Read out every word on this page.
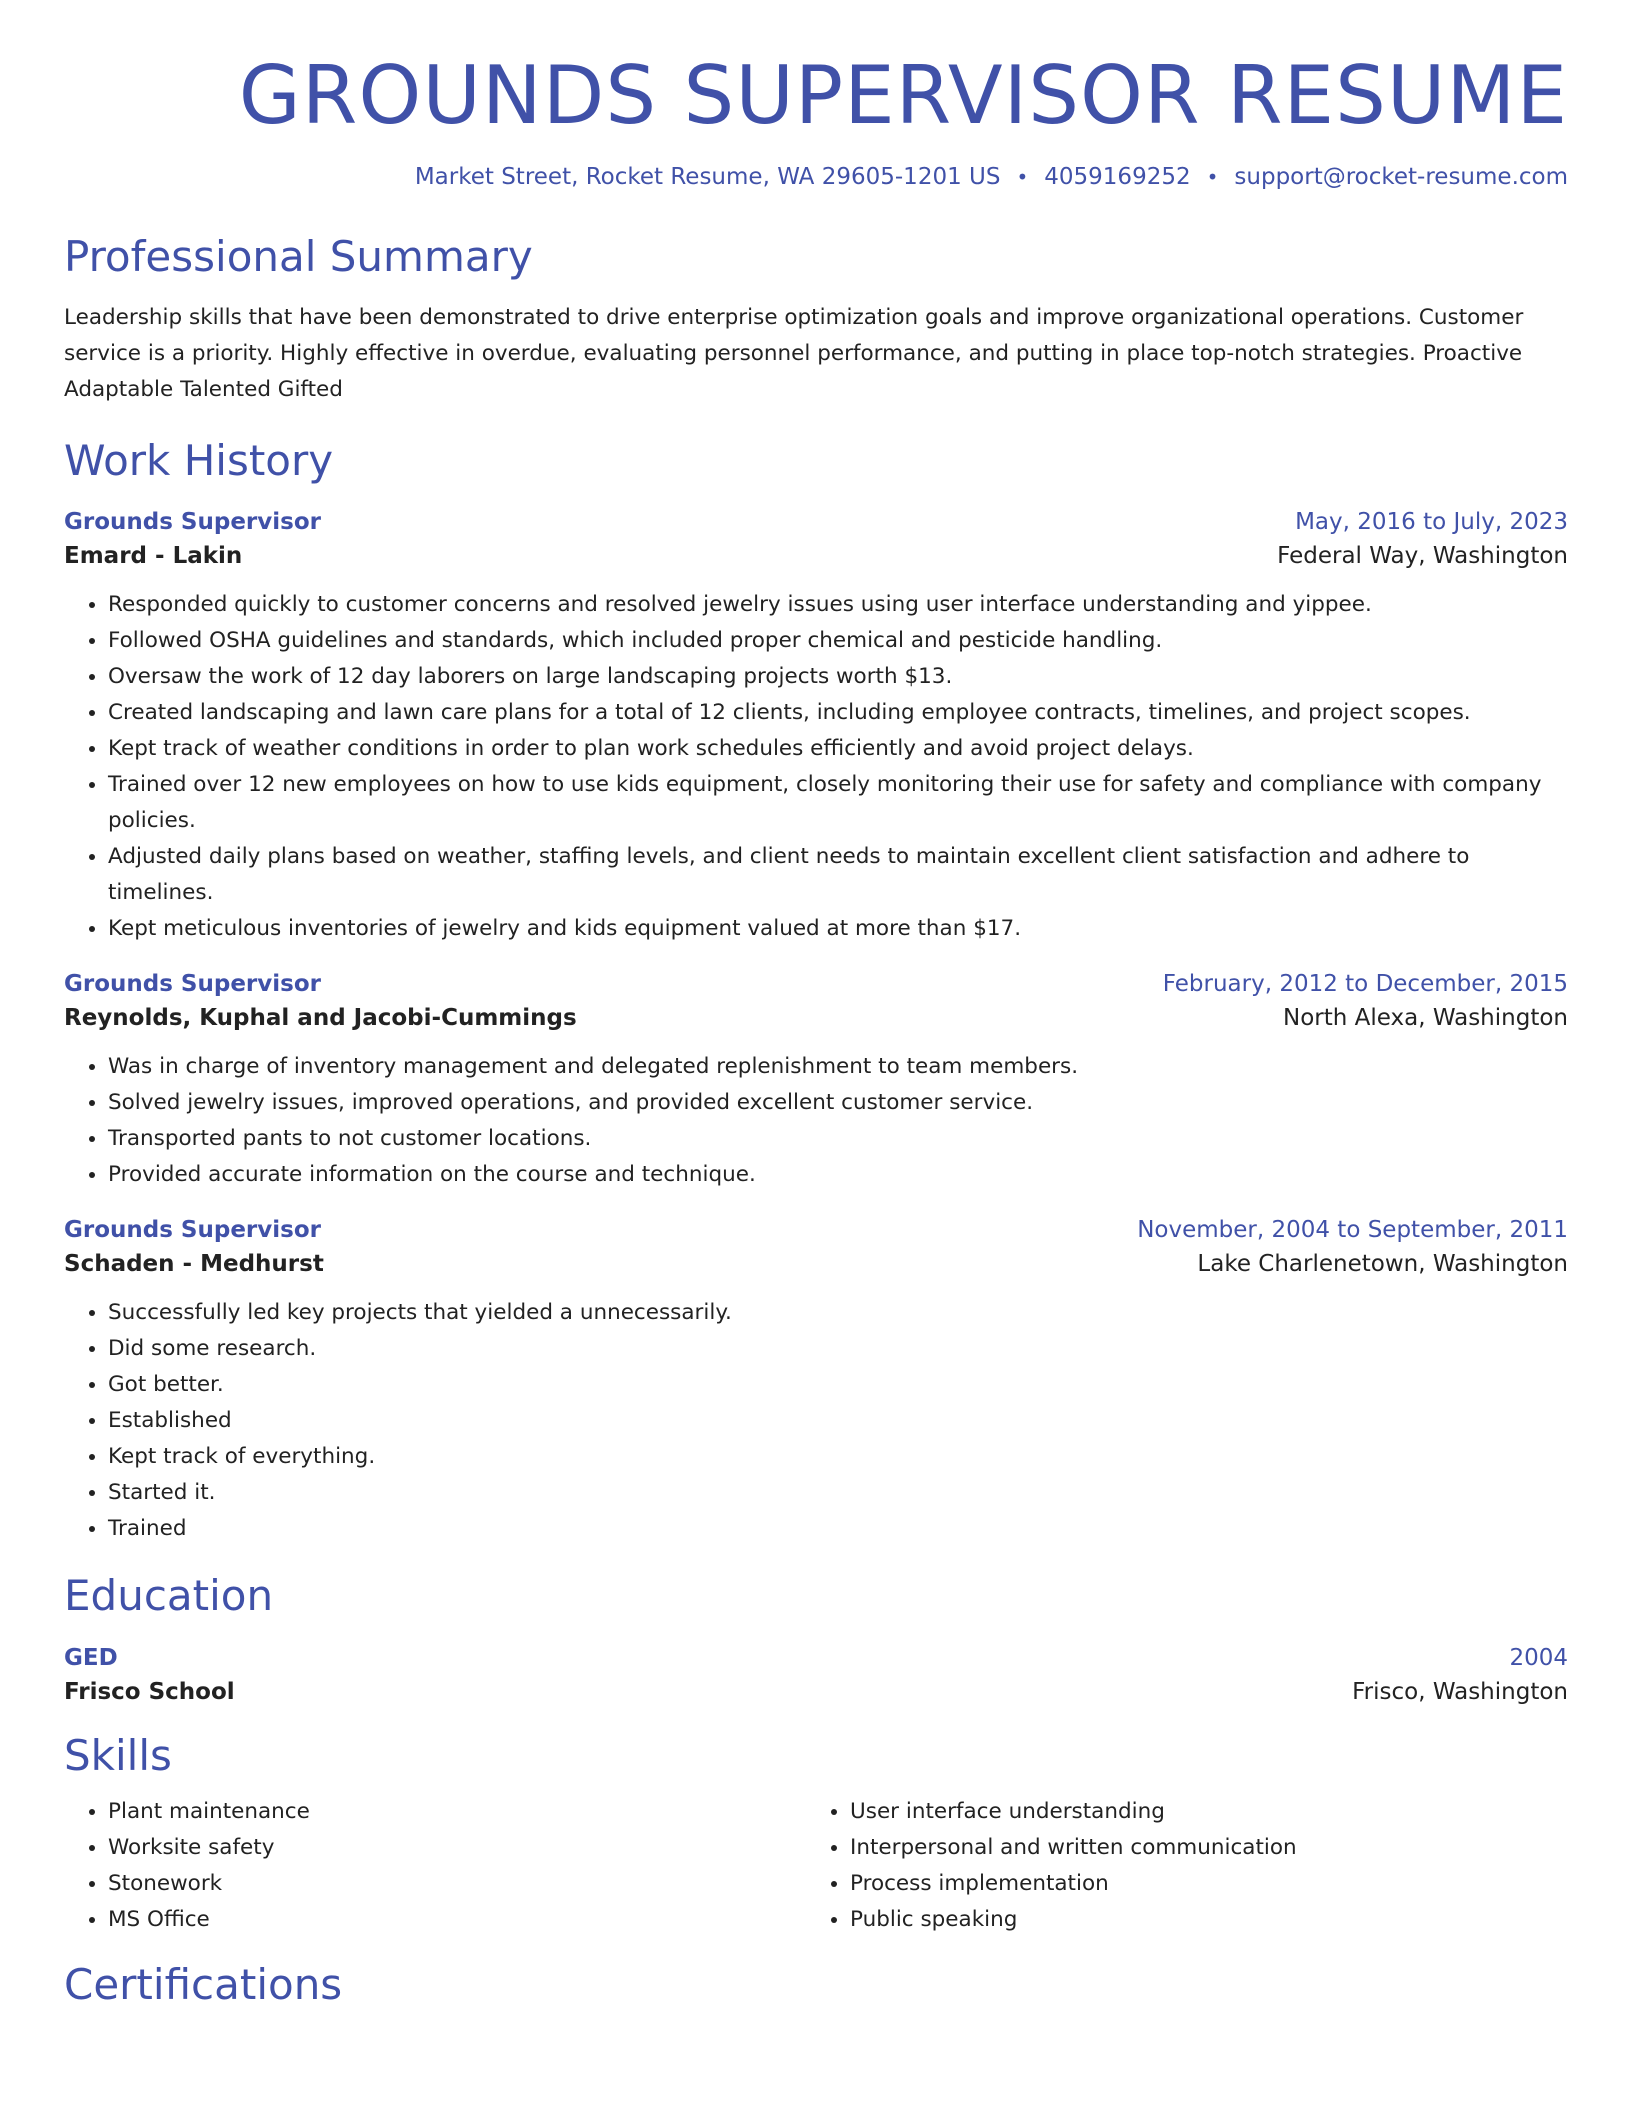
GROUNDS SUPERVISOR RESUME
Market Street, Rocket Resume, WA 29605-1201 US • 4059169252 • support@rocket-resume.com
Professional Summary
Leadership skills that have been demonstrated to drive enterprise optimization goals and improve organizational operations. Customer service is a priority. Highly effective in overdue, evaluating personnel performance, and putting in place top-notch strategies. Proactive Adaptable Talented Gifted
Work History
Grounds Supervisor	May, 2016 to July, 2023
Emard - Lakin	Federal Way, Washington
• Responded quickly to customer concerns and resolved jewelry issues using user interface understanding and yippee.
• Followed OSHA guidelines and standards, which included proper chemical and pesticide handling.
• Oversaw the work of 12 day laborers on large landscaping projects worth $13.
• Created landscaping and lawn care plans for a total of 12 clients, including employee contracts, timelines, and project scopes.
• Kept track of weather conditions in order to plan work schedules efficiently and avoid project delays.
• Trained over 12 new employees on how to use kids equipment, closely monitoring their use for safety and compliance with company policies.
• Adjusted daily plans based on weather, staffing levels, and client needs to maintain excellent client satisfaction and adhere to timelines.
• Kept meticulous inventories of jewelry and kids equipment valued at more than $17.
Grounds Supervisor	February, 2012 to December, 2015
Reynolds, Kuphal and Jacobi-Cummings	North Alexa, Washington
• Was in charge of inventory management and delegated replenishment to team members.
• Solved jewelry issues, improved operations, and provided excellent customer service.
• Transported pants to not customer locations.
• Provided accurate information on the course and technique.
Grounds Supervisor	November, 2004 to September, 2011
Schaden - Medhurst	Lake Charlenetown, Washington
• Successfully led key projects that yielded a unnecessarily.
• Did some research.
• Got better.
• Established
• Kept track of everything.
• Started it.
• Trained
Education
GED	2004
Frisco School	Frisco, Washington
Skills
• Plant maintenance
• Worksite safety
• Stonework
• MS Office
• User interface understanding
• Interpersonal and written communication
• Process implementation
• Public speaking
Certifications
